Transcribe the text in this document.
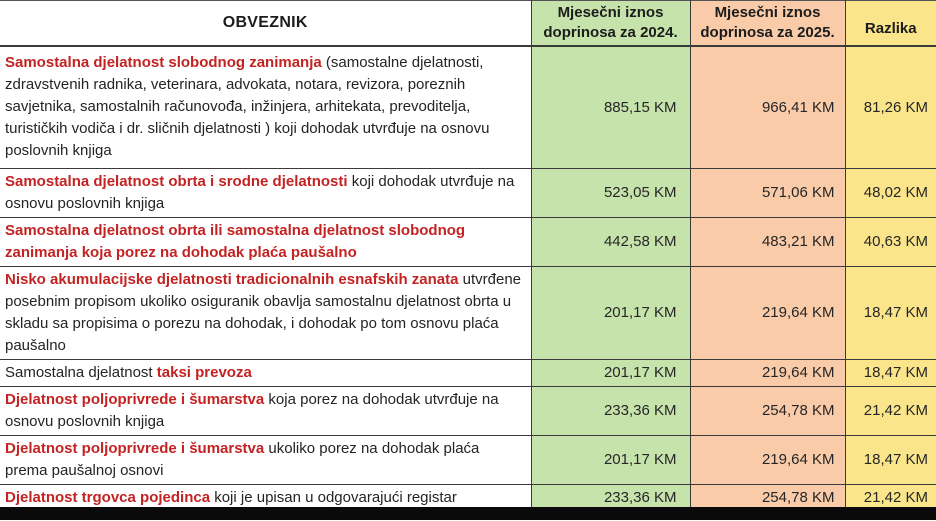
OBVEZNIK	Mjesečni iznos doprinosa za 2024.	Mjesečni iznos doprinosa za 2025.	Razlika
Samostalna djelatnost slobodnog zanimanja (samostalne djelatnosti, zdravstvenih radnika, veterinara, advokata, notara, revizora, poreznih savjetnika, samostalnih računovođa, inžinjera, arhitekata, prevoditelja, turističkih vodiča i dr. sličnih djelatnosti ) koji dohodak utvrđuje na osnovu poslovnih knjiga	885,15 KM	966,41 KM	81,26 KM
Samostalna djelatnost obrta i srodne djelatnosti koji dohodak utvrđuje na osnovu poslovnih knjiga	523,05 KM	571,06 KM	48,02 KM
Samostalna djelatnost obrta ili samostalna djelatnost slobodnog zanimanja koja porez na dohodak plaća paušalno	442,58 KM	483,21 KM	40,63 KM
Nisko akumulacijske djelatnosti tradicionalnih esnafskih zanata utvrđene posebnim propisom ukoliko osiguranik obavlja samostalnu djelatnost obrta u skladu sa propisima o porezu na dohodak, i dohodak po tom osnovu plaća paušalno	201,17 KM	219,64 KM	18,47 KM
Samostalna djelatnost taksi prevoza	201,17 KM	219,64 KM	18,47 KM
Djelatnost poljoprivrede i šumarstva koja porez na dohodak utvrđuje na osnovu poslovnih knjiga	233,36 KM	254,78 KM	21,42 KM
Djelatnost poljoprivrede i šumarstva ukoliko porez na dohodak plaća prema paušalnoj osnovi	201,17 KM	219,64 KM	18,47 KM
Djelatnost trgovca pojedinca koji je upisan u odgovarajući registar	233,36 KM	254,78 KM	21,42 KM
